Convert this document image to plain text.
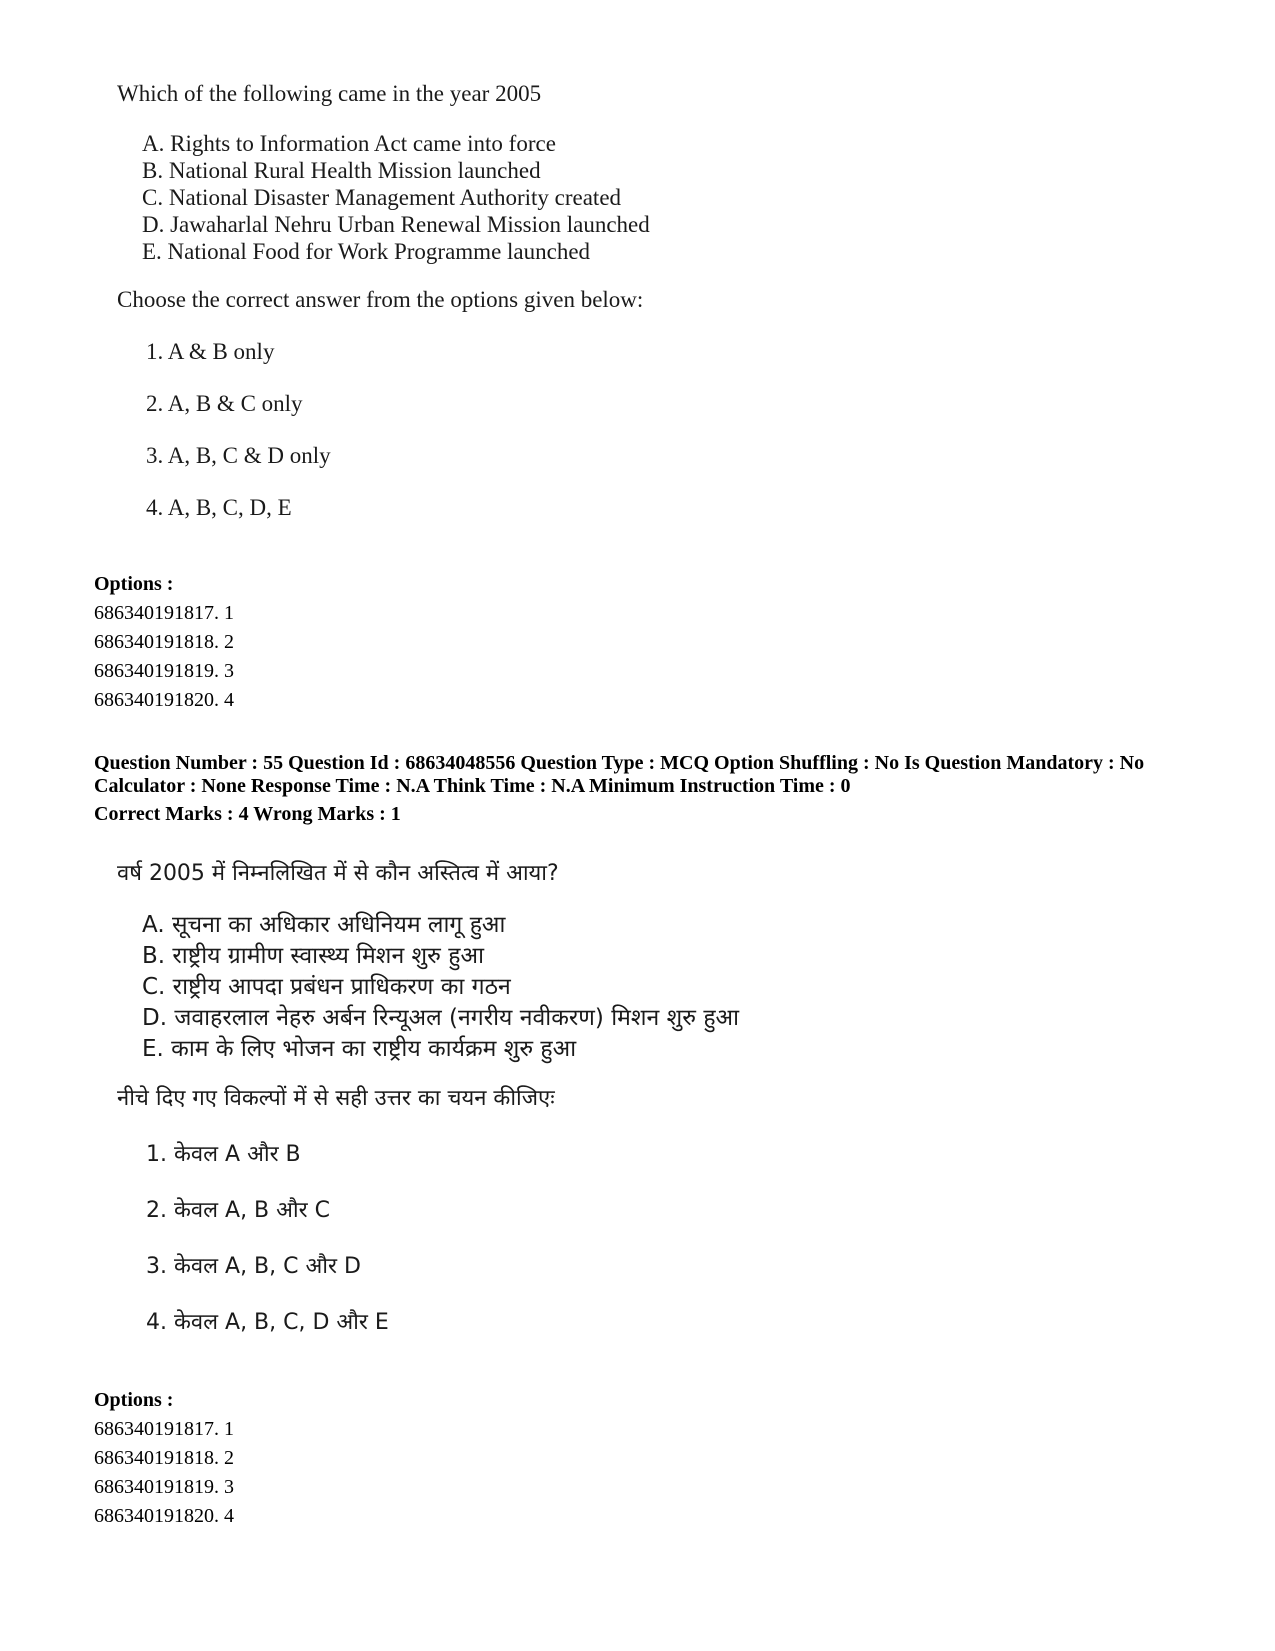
Which of the following came in the year 2005

A. Rights to Information Act came into force
B. National Rural Health Mission launched
C. National Disaster Management Authority created
D. Jawaharlal Nehru Urban Renewal Mission launched
E. National Food for Work Programme launched

Choose the correct answer from the options given below:

1. A & B only
2. A, B & C only
3. A, B, C & D only
4. A, B, C, D, E
Options :
686340191817. 1
686340191818. 2
686340191819. 3
686340191820. 4
Question Number : 55 Question Id : 68634048556 Question Type : MCQ Option Shuffling : No Is Question Mandatory : No Calculator : None Response Time : N.A Think Time : N.A Minimum Instruction Time : 0
Correct Marks : 4 Wrong Marks : 1

वर्ष 2005 में निम्नलिखित में से कौन अस्तित्व में आया?

A. सूचना का अधिकार अधिनियम लागू हुआ
B. राष्ट्रीय ग्रामीण स्वास्थ्य मिशन शुरु हुआ
C. राष्ट्रीय आपदा प्रबंधन प्राधिकरण का गठन
D. जवाहरलाल नेहरु अर्बन रिन्यूअल (नगरीय नवीकरण) मिशन शुरु हुआ
E. काम के लिए भोजन का राष्ट्रीय कार्यक्रम शुरु हुआ

नीचे दिए गए विकल्पों में से सही उत्तर का चयन कीजिएः

1. केवल A और B
2. केवल A, B और C
3. केवल A, B, C और D
4. केवल A, B, C, D और E
Options :
686340191817. 1
686340191818. 2
686340191819. 3
686340191820. 4
